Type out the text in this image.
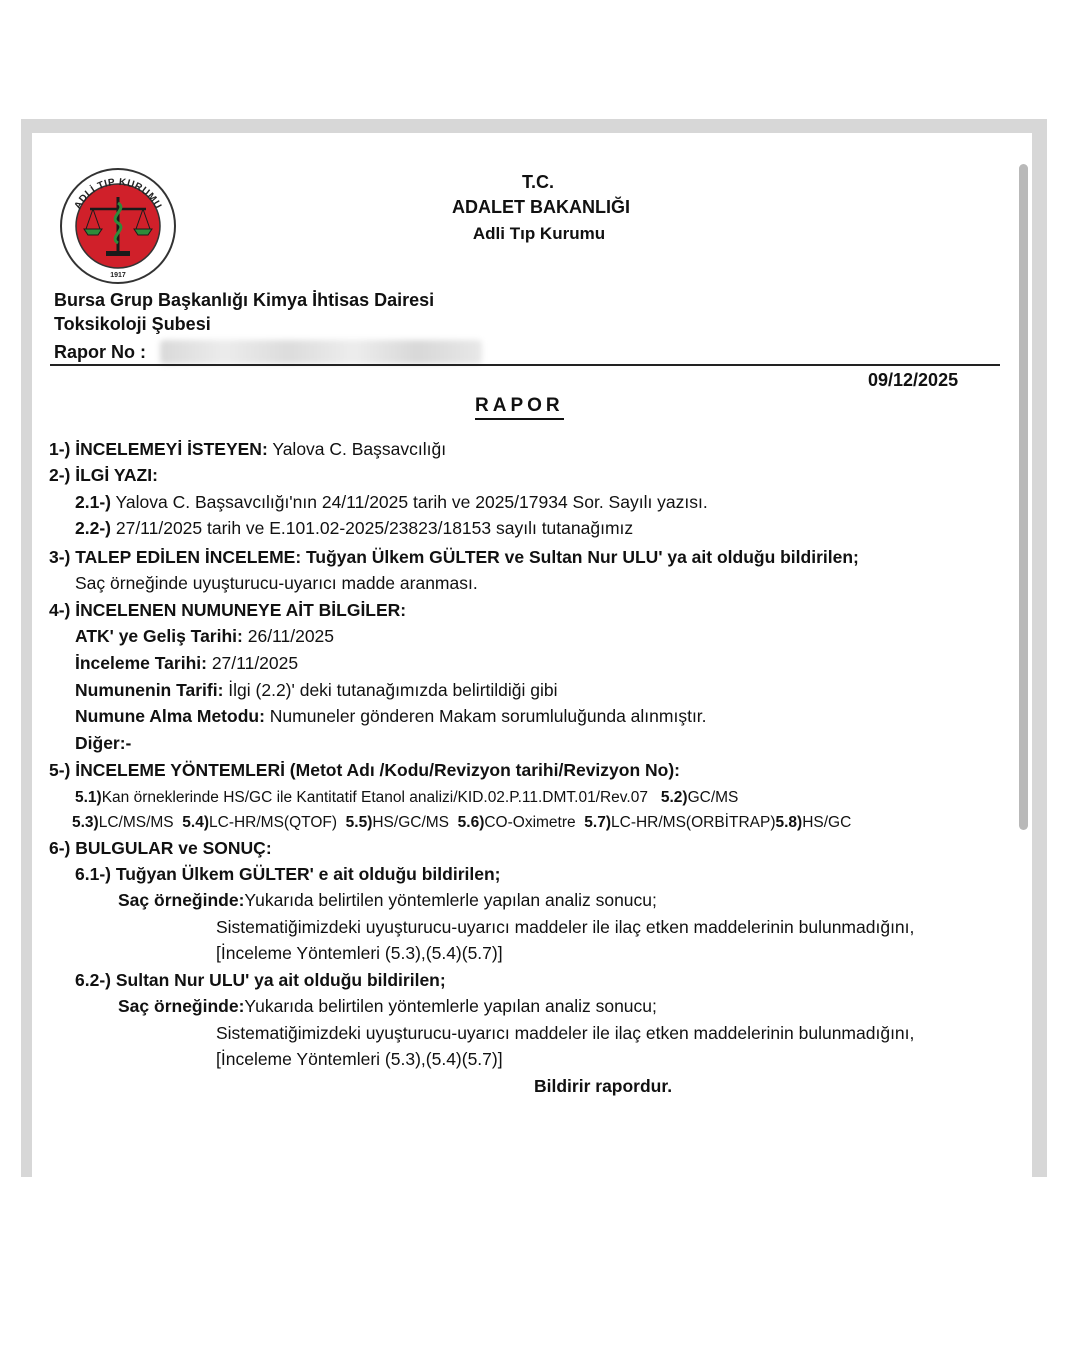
ADLİ TIP KURUMU
1917
T.C.
ADALET BAKANLIĞI
Adli Tıp Kurumu
Bursa Grup Başkanlığı Kimya İhtisas Dairesi
Toksikoloji Şubesi
Rapor No :
09/12/2025
RAPOR
1-) İNCELEMEYİ İSTEYEN: Yalova C. Başsavcılığı
2-) İLGİ YAZI:
2.1-) Yalova C. Başsavcılığı'nın 24/11/2025 tarih ve 2025/17934 Sor. Sayılı yazısı.
2.2-) 27/11/2025 tarih ve E.101.02-2025/23823/18153 sayılı tutanağımız
3-) TALEP EDİLEN İNCELEME: Tuğyan Ülkem GÜLTER ve Sultan Nur ULU' ya ait olduğu bildirilen;
Saç örneğinde uyuşturucu-uyarıcı madde aranması.
4-) İNCELENEN NUMUNEYE AİT BİLGİLER:
ATK' ye Geliş Tarihi: 26/11/2025
İnceleme Tarihi: 27/11/2025
Numunenin Tarifi: İlgi (2.2)' deki tutanağımızda belirtildiği gibi
Numune Alma Metodu: Numuneler gönderen Makam sorumluluğunda alınmıştır.
Diğer:-
5-) İNCELEME YÖNTEMLERİ (Metot Adı /Kodu/Revizyon tarihi/Revizyon No):
5.1)Kan örneklerinde HS/GC ile Kantitatif Etanol analizi/KID.02.P.11.DMT.01/Rev.07 5.2)GC/MS
5.3)LC/MS/MS 5.4)LC-HR/MS(QTOF) 5.5)HS/GC/MS 5.6)CO-Oximetre 5.7)LC-HR/MS(ORBİTRAP)5.8)HS/GC
6-) BULGULAR ve SONUÇ:
6.1-) Tuğyan Ülkem GÜLTER' e ait olduğu bildirilen;
Saç örneğinde:Yukarıda belirtilen yöntemlerle yapılan analiz sonucu;
Sistematiğimizdeki uyuşturucu-uyarıcı maddeler ile ilaç etken maddelerinin bulunmadığını,
[İnceleme Yöntemleri (5.3),(5.4)(5.7)]
6.2-) Sultan Nur ULU' ya ait olduğu bildirilen;
Saç örneğinde:Yukarıda belirtilen yöntemlerle yapılan analiz sonucu;
Sistematiğimizdeki uyuşturucu-uyarıcı maddeler ile ilaç etken maddelerinin bulunmadığını,
[İnceleme Yöntemleri (5.3),(5.4)(5.7)]
Bildirir rapordur.
